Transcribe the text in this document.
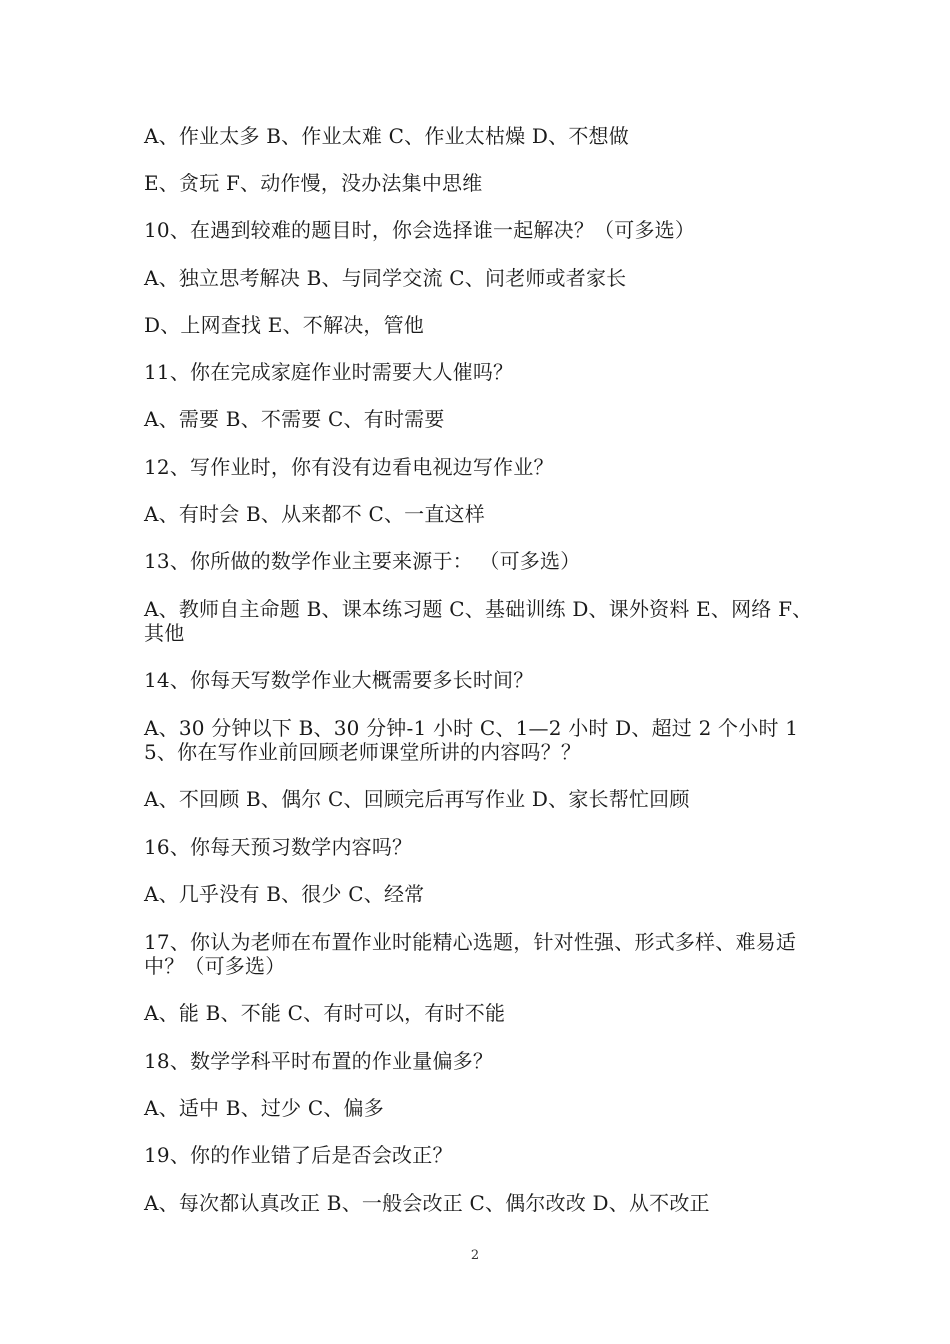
A、作业太多 B、作业太难 C、作业太枯燥 D、不想做
E、贪玩 F、动作慢，没办法集中思维
10、在遇到较难的题目时，你会选择谁一起解决？（可多选）
A、独立思考解决 B、与同学交流 C、问老师或者家长
D、上网查找 E、不解决，管他
11、你在完成家庭作业时需要大人催吗？
A、需要 B、不需要 C、有时需要
12、写作业时，你有没有边看电视边写作业？
A、有时会 B、从来都不 C、一直这样
13、你所做的数学作业主要来源于： （可多选）
A、教师自主命题 B、课本练习题 C、基础训练 D、课外资料 E、网络 F、其他
14、你每天写数学作业大概需要多长时间？
A、30 分钟以下 B、30 分钟-1 小时 C、1—2 小时 D、超过 2 个小时 15、你在写作业前回顾老师课堂所讲的内容吗？？
A、不回顾 B、偶尔 C、回顾完后再写作业 D、家长帮忙回顾
16、你每天预习数学内容吗？
A、几乎没有 B、很少 C、经常
17、你认为老师在布置作业时能精心选题，针对性强、形式多样、难易适中？（可多选）
A、能 B、不能 C、有时可以，有时不能
18、数学学科平时布置的作业量偏多？
A、适中 B、过少 C、偏多
19、你的作业错了后是否会改正？
A、每次都认真改正 B、一般会改正 C、偶尔改改 D、从不改正
2
